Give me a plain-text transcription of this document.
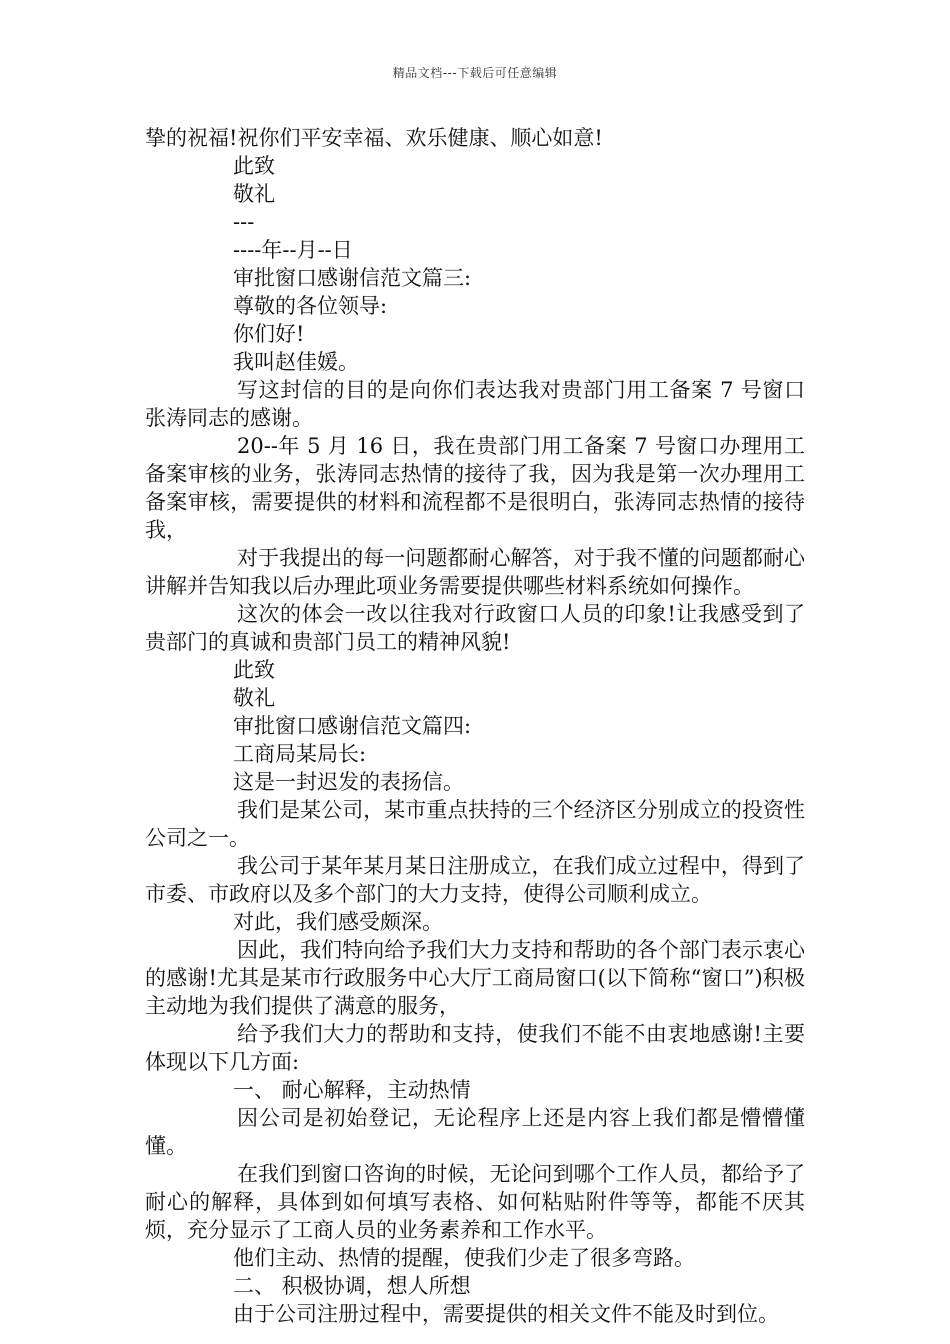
精品文档---下载后可任意编辑

挚的祝福!祝你们平安幸福、欢乐健康、顺心如意!

此致

敬礼

---

----年--月--日

审批窗口感谢信范文篇三:

尊敬的各位领导:

你们好!

我叫赵佳媛。

写这封信的目的是向你们表达我对贵部门用工备案 7 号窗口张涛同志的感谢。

20--年 5 月 16 日，我在贵部门用工备案 7 号窗口办理用工备案审核的业务，张涛同志热情的接待了我，因为我是第一次办理用工备案审核，需要提供的材料和流程都不是很明白，张涛同志热情的接待我，

对于我提出的每一问题都耐心解答，对于我不懂的问题都耐心讲解并告知我以后办理此项业务需要提供哪些材料系统如何操作。

这次的体会一改以往我对行政窗口人员的印象!让我感受到了贵部门的真诚和贵部门员工的精神风貌!

此致

敬礼

审批窗口感谢信范文篇四:

工商局某局长:

这是一封迟发的表扬信。

我们是某公司，某市重点扶持的三个经济区分别成立的投资性公司之一。

我公司于某年某月某日注册成立，在我们成立过程中，得到了市委、市政府以及多个部门的大力支持，使得公司顺利成立。

对此，我们感受颇深。

因此，我们特向给予我们大力支持和帮助的各个部门表示衷心的感谢!尤其是某市行政服务中心大厅工商局窗口(以下简称“窗口”)积极主动地为我们提供了满意的服务，

给予我们大力的帮助和支持，使我们不能不由衷地感谢!主要体现以下几方面:

一、 耐心解释，主动热情

因公司是初始登记，无论程序上还是内容上我们都是懵懵懂懂。

在我们到窗口咨询的时候，无论问到哪个工作人员，都给予了耐心的解释，具体到如何填写表格、如何粘贴附件等等，都能不厌其烦，充分显示了工商人员的业务素养和工作水平。

他们主动、热情的提醒，使我们少走了很多弯路。

二、 积极协调，想人所想

由于公司注册过程中，需要提供的相关文件不能及时到位。
